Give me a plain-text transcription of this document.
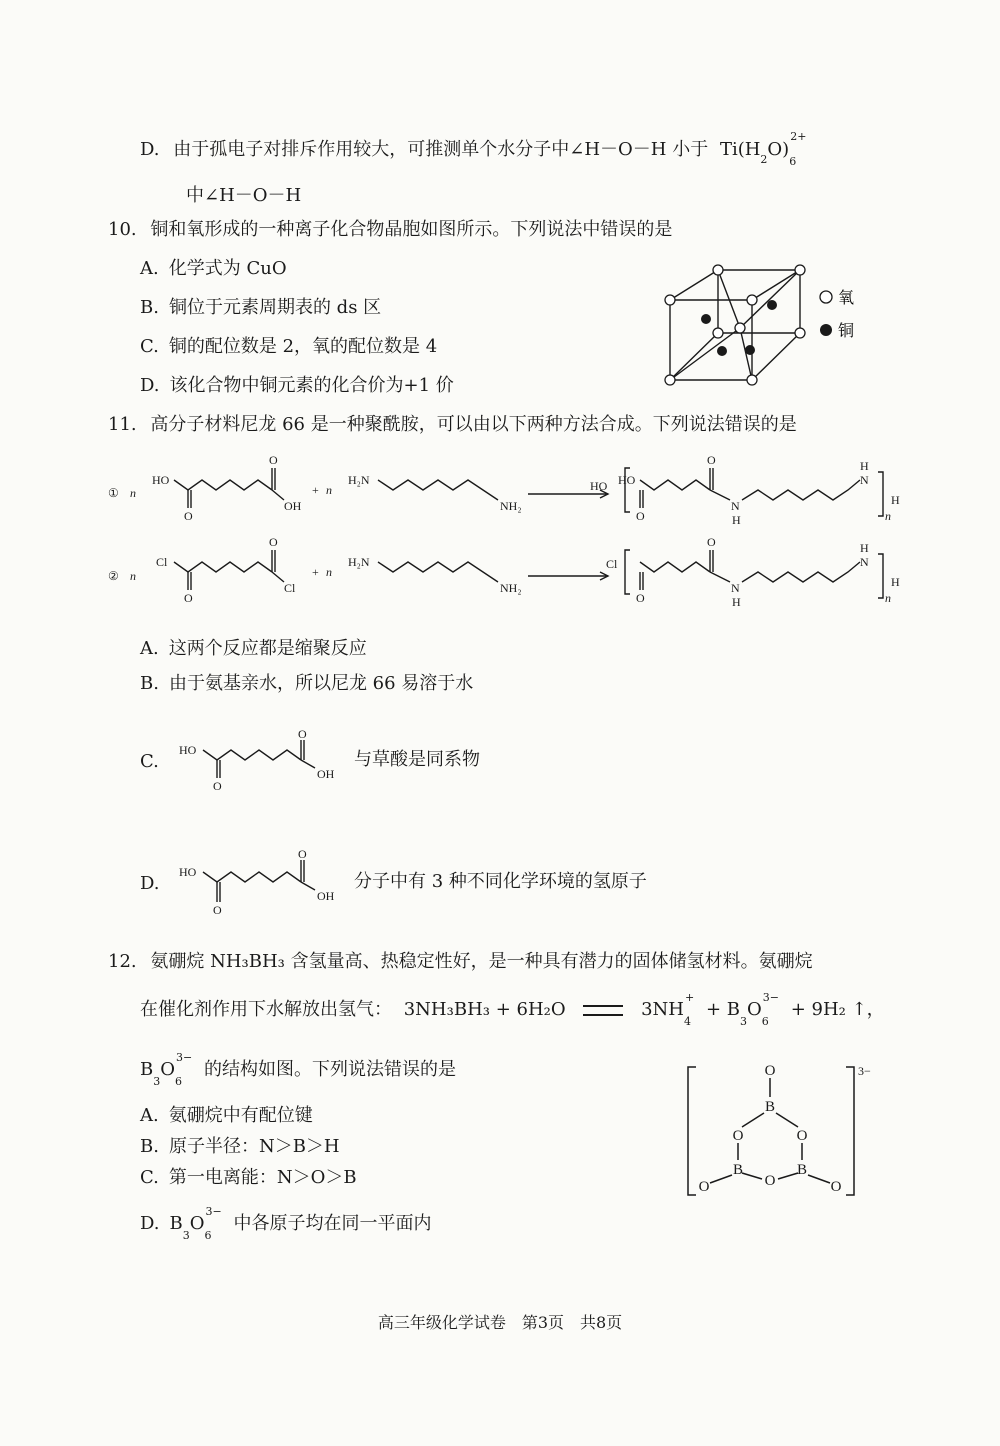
D. 由于孤电子对排斥作用较大，可推测单个水分子中∠H－O－H 小于 $Ti(H_2O)_6^{2+}$
中∠H－O－H
10. 铜和氧形成的一种离子化合物晶胞如图所示。下列说法中错误的是
A. 化学式为 CuO
B. 铜位于元素周期表的 ds 区
C. 铜的配位数是 2，氧的配位数是 4
D. 该化合物中铜元素的化合价为+1 价
氧
铜
11. 高分子材料尼龙 66 是一种聚酰胺，可以由以下两种方法合成。下列说法错误的是
① n
HO
O
O
OH
+ n
H₂N
NH₂
HO HO
O
O
N
H
H
N
n
H
② n
Cl
O
O
Cl
+ n
H₂N
NH₂
Cl
O
O
N
H
H
N
n
H
A. 这两个反应都是缩聚反应
B. 由于氨基亲水，所以尼龙 66 易溶于水
C.
HO
O
O
OH
与草酸是同系物
D.
HO
O
O
OH
分子中有 3 种不同化学环境的氢原子
12. 氨硼烷 NH₃BH₃ 含氢量高、热稳定性好，是一种具有潜力的固体储氢材料。氨硼烷
在催化剂作用下水解放出氢气： 3NH₃BH₃ + 6H₂O	$3NH_4^+ + B_3O_6^{3-} + 9H_2$ ↑，
$B_3O_6^{3-}$ 的结构如图。下列说法错误的是
A. 氨硼烷中有配位键
B. 原子半径：N＞B＞H
C. 第一电离能：N＞O＞B
D. $B_3O_6^{3-}$ 中各原子均在同一平面内
O
B
O	O
B	B
O
O	O
3−
高三年级化学试卷　第3页　共8页
